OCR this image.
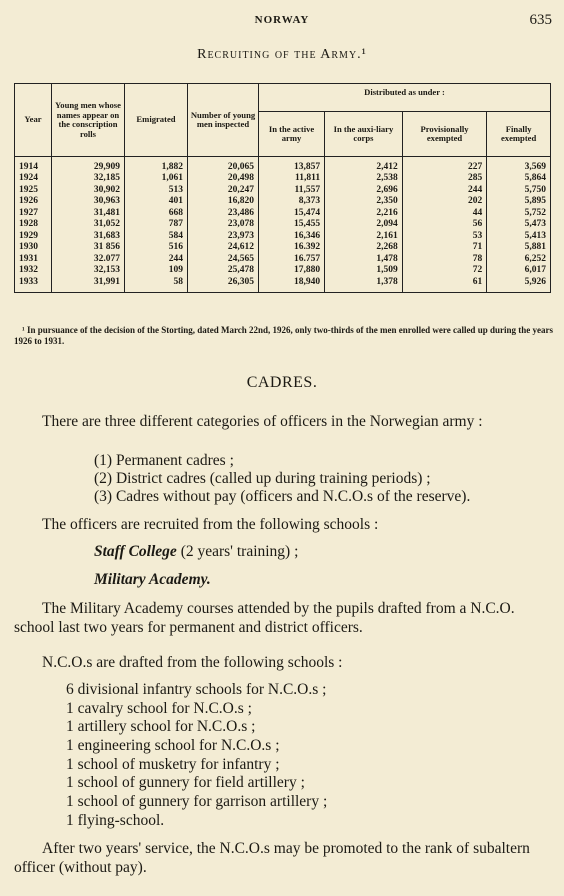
NORWAY	635
Recruiting of the Army.¹
Year	Young men whose names appear on the conscription rolls	Emigrated	Number of young men inspected	Distributed as under :			
				In the active army	In the auxi-liary corps	Provisionally exempted	Finally exempted
1914	29,909	1,882	20,065	13,857	2,412	227	3,569
1924	32,185	1,061	20,498	11,811	2,538	285	5,864
1925	30,902	513	20,247	11,557	2,696	244	5,750
1926	30,963	401	16,820	8,373	2,350	202	5,895
1927	31,481	668	23,486	15,474	2,216	44	5,752
1928	31,052	787	23,078	15,455	2,094	56	5,473
1929	31,683	584	23,973	16,346	2,161	53	5,413
1930	31 856	516	24,612	16.392	2,268	71	5,881
1931	32.077	244	24,565	16.757	1,478	78	6,252
1932	32,153	109	25,478	17,880	1,509	72	6,017
1933	31,991	58	26,305	18,940	1,378	61	5,926
¹ In pursuance of the decision of the Storting, dated March 22nd, 1926, only two-thirds of the men enrolled were called up during the years 1926 to 1931.
CADRES.
There are three different categories of officers in the Norwegian army :
(1) Permanent cadres ;
(2) District cadres (called up during training periods) ;
(3) Cadres without pay (officers and N.C.O.s of the reserve).
The officers are recruited from the following schools :
Staff College (2 years' training) ;
Military Academy.
The Military Academy courses attended by the pupils drafted from a N.C.O. school last two years for permanent and district officers.
N.C.O.s are drafted from the following schools :
6 divisional infantry schools for N.C.O.s ;
1 cavalry school for N.C.O.s ;
1 artillery school for N.C.O.s ;
1 engineering school for N.C.O.s ;
1 school of musketry for infantry ;
1 school of gunnery for field artillery ;
1 school of gunnery for garrison artillery ;
1 flying-school.
After two years' service, the N.C.O.s may be promoted to the rank of subaltern officer (without pay).
